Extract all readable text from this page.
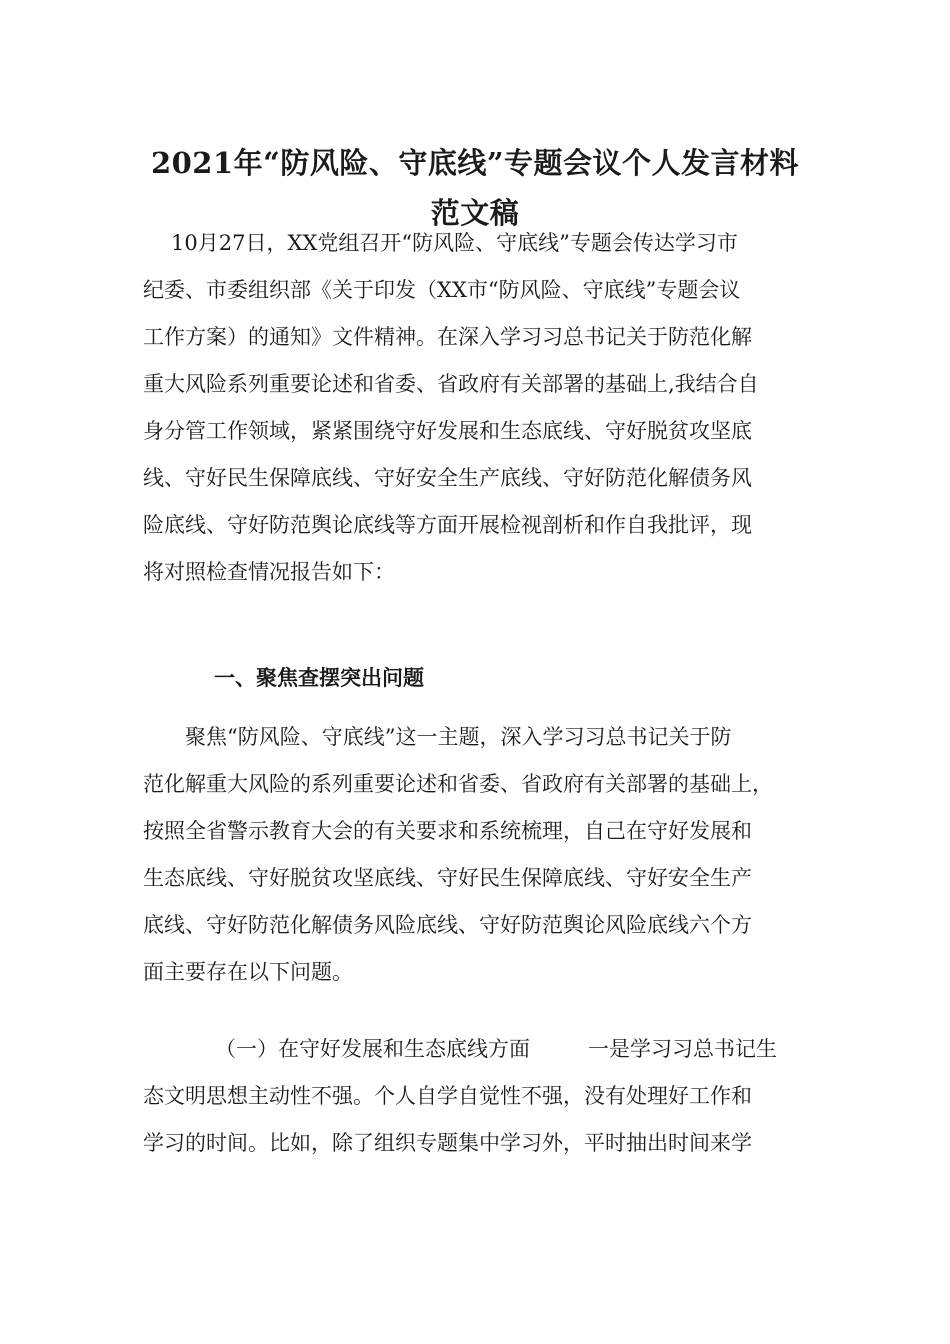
2021年“防风险、守底线”专题会议个人发言材料
范文稿
10月27日，XX党组召开“防风险、守底线”专题会传达学习市
纪委、市委组织部《关于印发（XX市“防风险、守底线”专题会议
工作方案）的通知》文件精神。在深入学习习总书记关于防范化解
重大风险系列重要论述和省委、省政府有关部署的基础上,我结合自
身分管工作领域，紧紧围绕守好发展和生态底线、守好脱贫攻坚底
线、守好民生保障底线、守好安全生产底线、守好防范化解债务风
险底线、守好防范舆论底线等方面开展检视剖析和作自我批评，现
将对照检查情况报告如下：
一、聚焦查摆突出问题
聚焦“防风险、守底线”这一主题，深入学习习总书记关于防
范化解重大风险的系列重要论述和省委、省政府有关部署的基础上，
按照全省警示教育大会的有关要求和系统梳理，自己在守好发展和
生态底线、守好脱贫攻坚底线、守好民生保障底线、守好安全生产
底线、守好防范化解债务风险底线、守好防范舆论风险底线六个方
面主要存在以下问题。
（一）在守好发展和生态底线方面	一是学习习总书记生
态文明思想主动性不强。个人自学自觉性不强，没有处理好工作和
学习的时间。比如，除了组织专题集中学习外，平时抽出时间来学
